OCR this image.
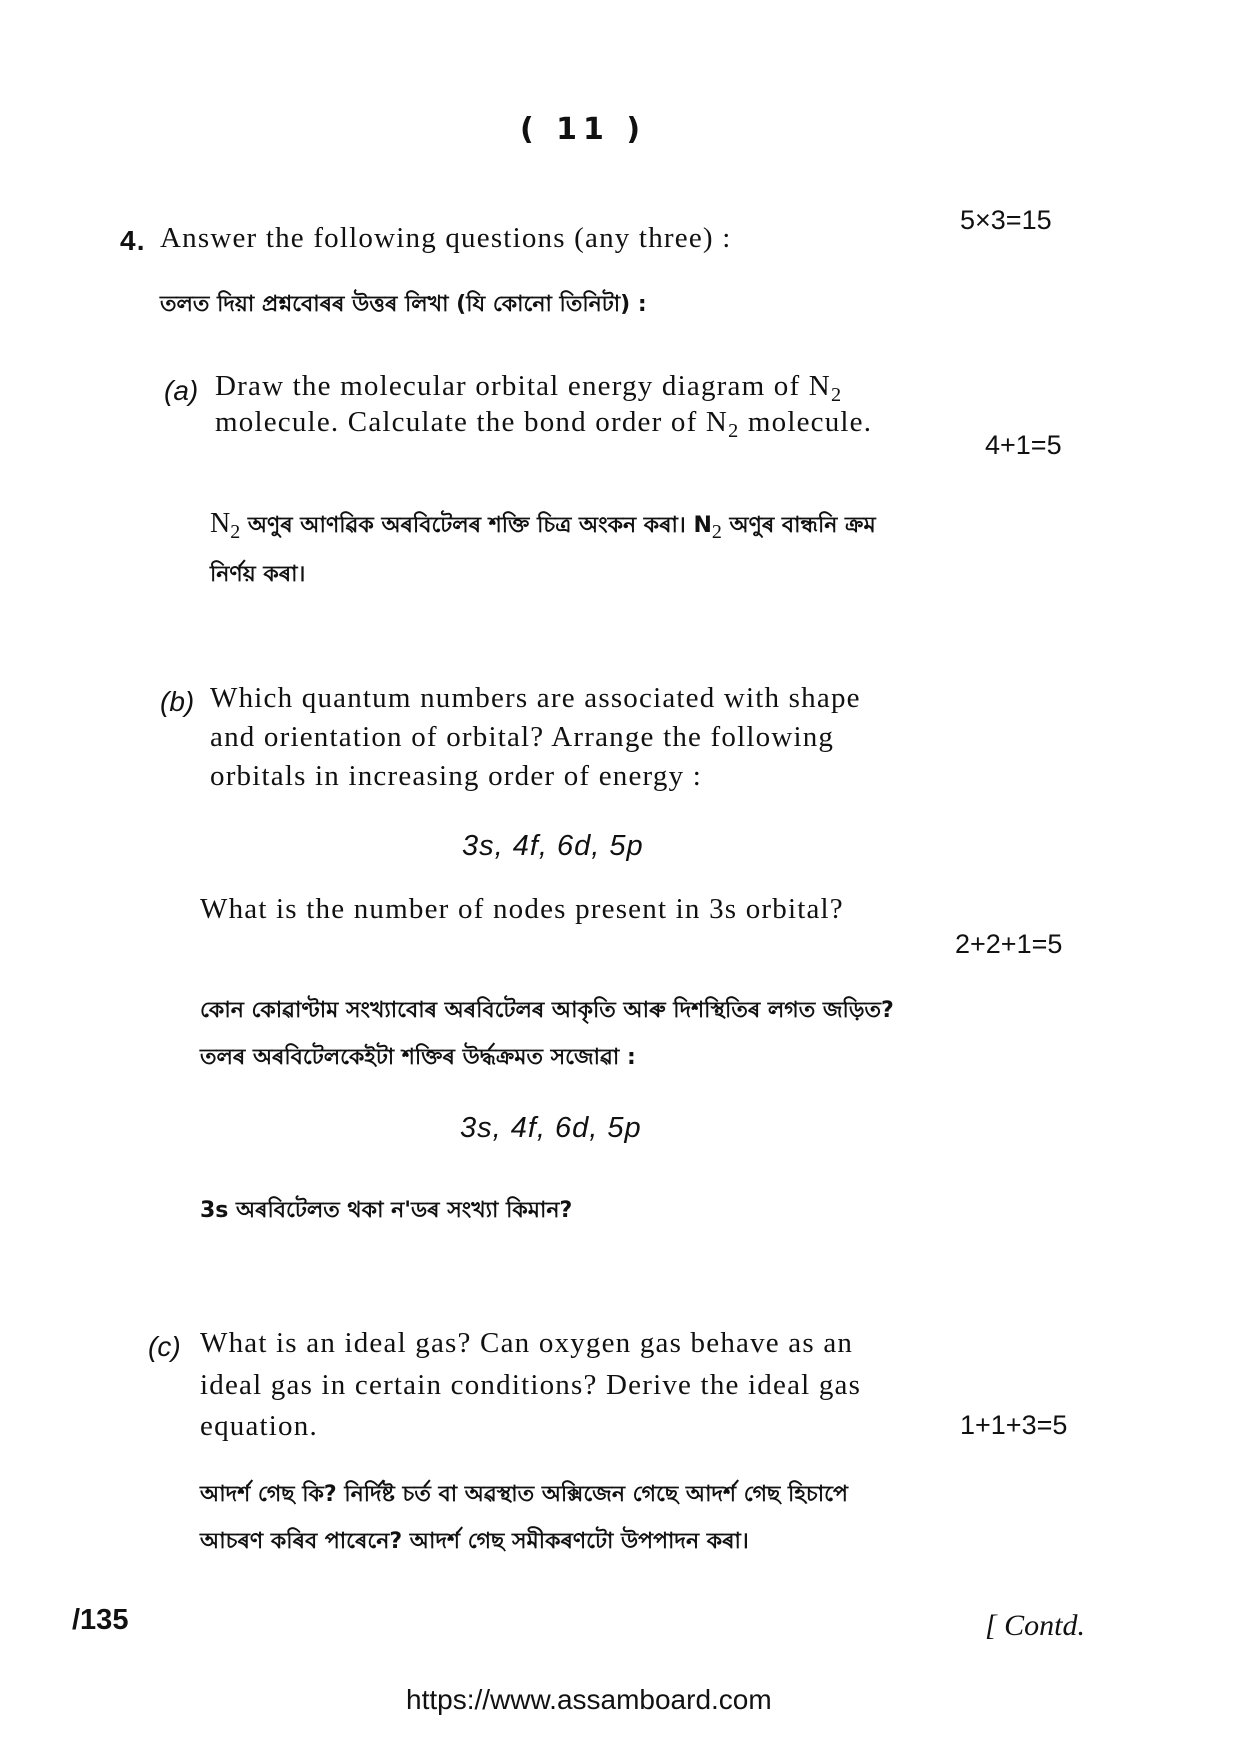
( 11 )
4. Answer the following questions (any three) :
5×3=15
তলত দিয়া প্ৰশ্নবোৰৰ উত্তৰ লিখা (যি কোনো তিনিটা) :
(a) Draw the molecular orbital energy diagram of $N_2$
molecule. Calculate the bond order of $N_2$ molecule.
4+1=5
$N_2$ অণুৰ আণৱিক অৰবিটেলৰ শক্তি চিত্ৰ অংকন কৰা। $N_2$ অণুৰ বান্ধনি ক্ৰম
নিৰ্ণয় কৰা।
(b) Which quantum numbers are associated with shape
and orientation of orbital? Arrange the following
orbitals in increasing order of energy :
3s, 4f, 6d, 5p
What is the number of nodes present in 3s orbital?
2+2+1=5
কোন কোৱাণ্টাম সংখ্যাবোৰ অৰবিটেলৰ আকৃতি আৰু দিশস্থিতিৰ লগত জড়িত?
তলৰ অৰবিটেলকেইটা শক্তিৰ উৰ্দ্ধক্ৰমত সজোৱা :
3s, 4f, 6d, 5p
3s অৰবিটেলত থকা ন'ডৰ সংখ্যা কিমান?
(c) What is an ideal gas? Can oxygen gas behave as an
ideal gas in certain conditions? Derive the ideal gas
equation.	1+1+3=5
আদৰ্শ গেছ কি? নিৰ্দিষ্ট চৰ্ত বা অৱস্থাত অক্সিজেন গেছে আদৰ্শ গেছ হিচাপে
আচৰণ কৰিব পাৰেনে? আদৰ্শ গেছ সমীকৰণটো উপপাদন কৰা।
/135	[ Contd.
https://www.assamboard.com
